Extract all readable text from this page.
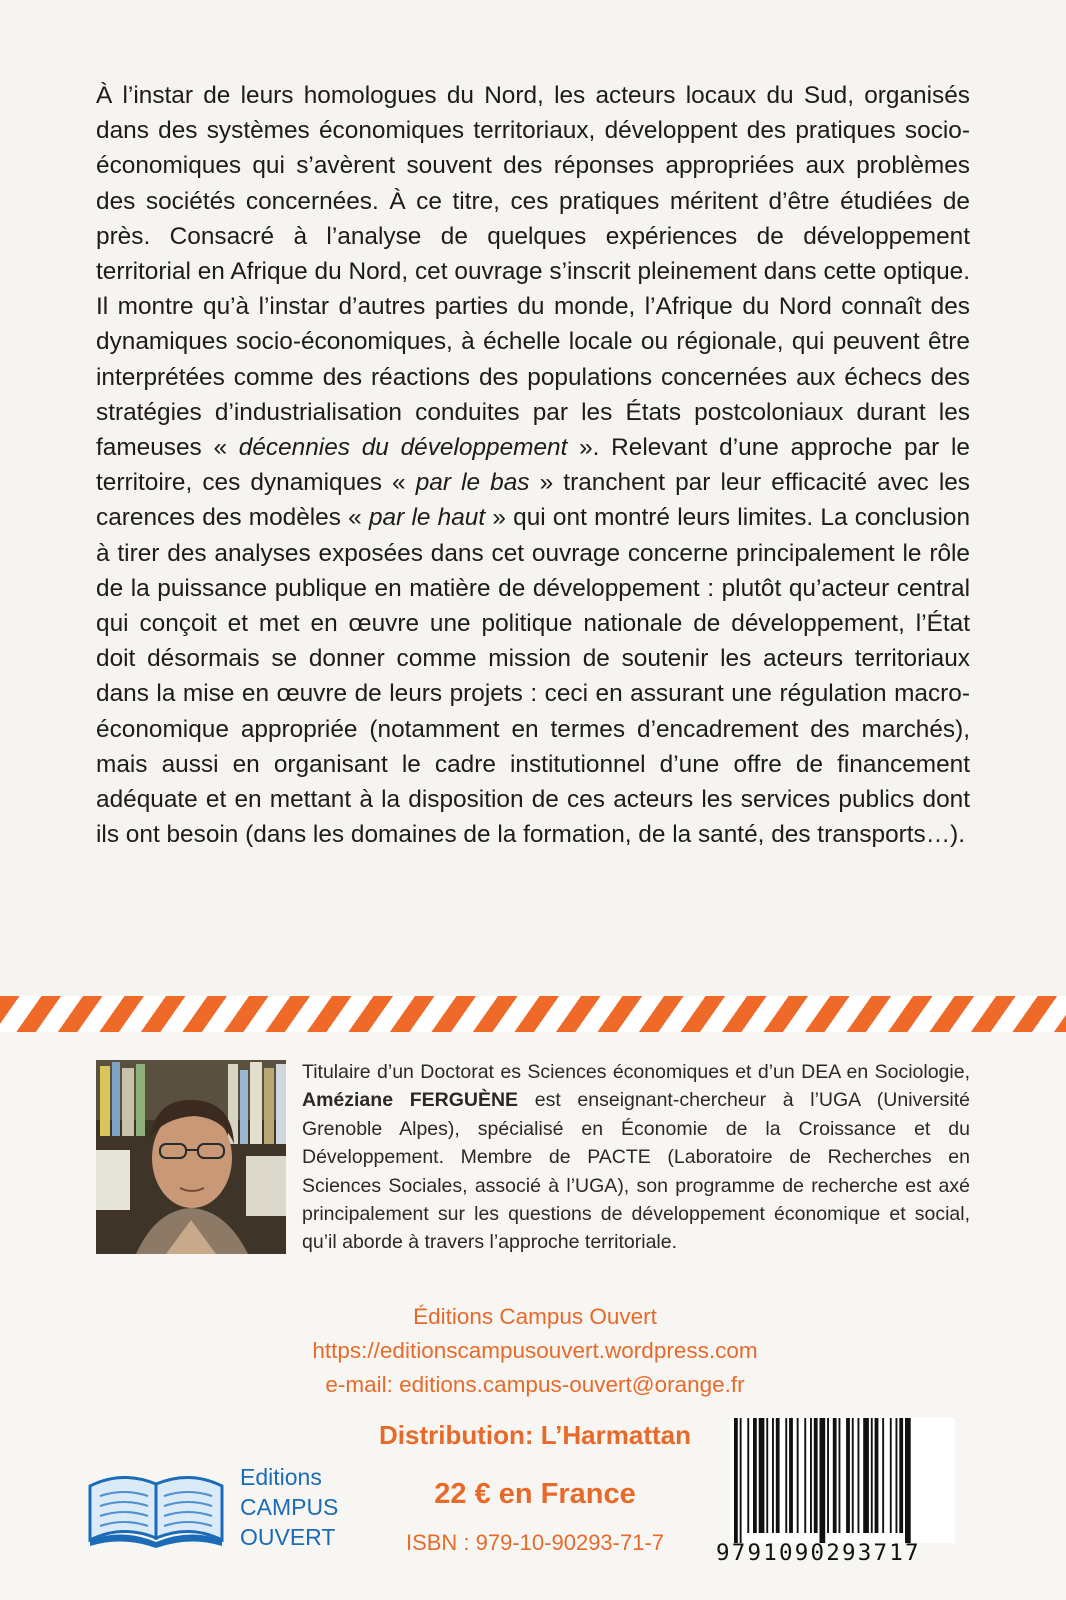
À l’instar de leurs homologues du Nord, les acteurs locaux du Sud, organisés dans des systèmes économiques territoriaux, développent des pratiques socio-économiques qui s’avèrent souvent des réponses appropriées aux problèmes des sociétés concernées. À ce titre, ces pratiques méritent d’être étudiées de près. Consacré à l’analyse de quelques expériences de développement territorial en Afrique du Nord, cet ouvrage s’inscrit pleinement dans cette optique. Il montre qu’à l’instar d’autres parties du monde, l’Afrique du Nord connaît des dynamiques socio-économiques, à échelle locale ou régionale, qui peuvent être interprétées comme des réactions des populations concernées aux échecs des stratégies d’industrialisation conduites par les États postcoloniaux durant les fameuses « décennies du développement ». Relevant d’une approche par le territoire, ces dynamiques « par le bas » tranchent par leur efficacité avec les carences des modèles « par le haut » qui ont montré leurs limites. La conclusion à tirer des analyses exposées dans cet ouvrage concerne principalement le rôle de la puissance publique en matière de développement : plutôt qu’acteur central qui conçoit et met en œuvre une politique nationale de développement, l’État doit désormais se donner comme mission de soutenir les acteurs territoriaux dans la mise en œuvre de leurs projets : ceci en assurant une régulation macro-économique appropriée (notamment en termes d’encadrement des marchés), mais aussi en organisant le cadre institutionnel d’une offre de financement adéquate et en mettant à la disposition de ces acteurs les services publics dont ils ont besoin (dans les domaines de la formation, de la santé, des transports…).

Titulaire d’un Doctorat es Sciences économiques et d’un DEA en Sociologie, Améziane FERGUÈNE est enseignant-chercheur à l’UGA (Université Grenoble Alpes), spécialisé en Économie de la Croissance et du Développement. Membre de PACTE (Laboratoire de Recherches en Sciences Sociales, associé à l’UGA), son programme de recherche est axé principalement sur les questions de développement économique et social, qu’il aborde à travers l’approche territoriale.

Éditions Campus Ouvert
https://editionscampusouvert.wordpress.com
e-mail: editions.campus-ouvert@orange.fr
Distribution: L’Harmattan
22 € en France
ISBN : 979-10-90293-71-7
Editions
CAMPUS
OUVERT
9791090293717
